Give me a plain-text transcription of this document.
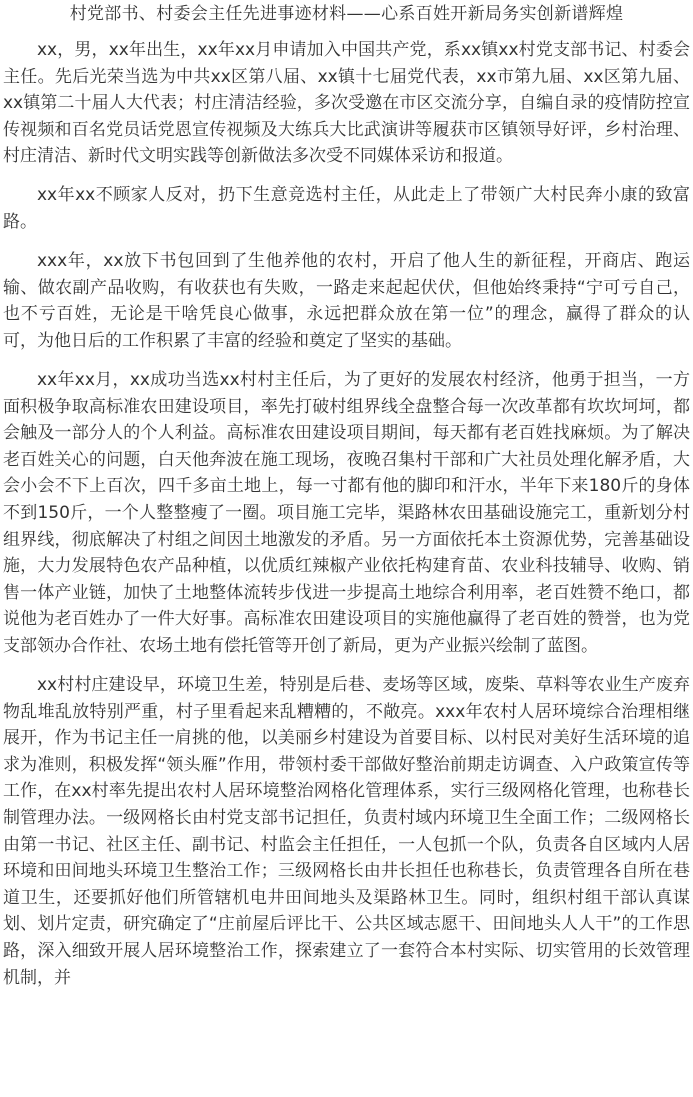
村党部书、村委会主任先进事迹材料——心系百姓开新局务实创新谱辉煌

xx，男，xx年出生，xx年xx月申请加入中国共产党，系xx镇xx村党支部书记、村委会主任。先后光荣当选为中共xx区第八届、xx镇十七届党代表，xx市第九届、xx区第九届、xx镇第二十届人大代表；村庄清洁经验，多次受邀在市区交流分享，自编自录的疫情防控宣传视频和百名党员话党恩宣传视频及大练兵大比武演讲等履获市区镇领导好评，乡村治理、村庄清洁、新时代文明实践等创新做法多次受不同媒体采访和报道。

xx年xx不顾家人反对，扔下生意竞选村主任，从此走上了带领广大村民奔小康的致富路。

xxx年，xx放下书包回到了生他养他的农村，开启了他人生的新征程，开商店、跑运输、做农副产品收购，有收获也有失败，一路走来起起伏伏，但他始终秉持“宁可亏自己，也不亏百姓，无论是干啥凭良心做事，永远把群众放在第一位”的理念，赢得了群众的认可，为他日后的工作积累了丰富的经验和奠定了坚实的基础。

xx年xx月，xx成功当选xx村村主任后，为了更好的发展农村经济，他勇于担当，一方面积极争取高标准农田建设项目，率先打破村组界线全盘整合每一次改革都有坎坎坷坷，都会触及一部分人的个人利益。高标准农田建设项目期间，每天都有老百姓找麻烦。为了解决老百姓关心的问题，白天他奔波在施工现场，夜晚召集村干部和广大社员处理化解矛盾，大会小会不下上百次，四千多亩土地上，每一寸都有他的脚印和汗水，半年下来180斤的身体不到150斤，一个人整整瘦了一圈。项目施工完毕，渠路林农田基础设施完工，重新划分村组界线，彻底解决了村组之间因土地激发的矛盾。另一方面依托本土资源优势，完善基础设施，大力发展特色农产品种植，以优质红辣椒产业依托构建育苗、农业科技辅导、收购、销售一体产业链，加快了土地整体流转步伐进一步提高土地综合利用率，老百姓赞不绝口，都说他为老百姓办了一件大好事。高标准农田建设项目的实施他赢得了老百姓的赞誉，也为党支部领办合作社、农场土地有偿托管等开创了新局，更为产业振兴绘制了蓝图。

xx村村庄建设早，环境卫生差，特别是后巷、麦场等区域，废柴、草料等农业生产废弃物乱堆乱放特别严重，村子里看起来乱糟糟的，不敞亮。xxx年农村人居环境综合治理相继展开，作为书记主任一肩挑的他，以美丽乡村建设为首要目标、以村民对美好生活环境的追求为准则，积极发挥“领头雁”作用，带领村委干部做好整治前期走访调查、入户政策宣传等工作，在xx村率先提出农村人居环境整治网格化管理体系，实行三级网格化管理，也称巷长制管理办法。一级网格长由村党支部书记担任，负责村域内环境卫生全面工作；二级网格长由第一书记、社区主任、副书记、村监会主任担任，一人包抓一个队，负责各自区域内人居环境和田间地头环境卫生整治工作；三级网格长由井长担任也称巷长，负责管理各自所在巷道卫生，还要抓好他们所管辖机电井田间地头及渠路林卫生。同时，组织村组干部认真谋划、划片定责，研究确定了“庄前屋后评比干、公共区域志愿干、田间地头人人干”的工作思路，深入细致开展人居环境整治工作，探索建立了一套符合本村实际、切实管用的长效管理机制，并
